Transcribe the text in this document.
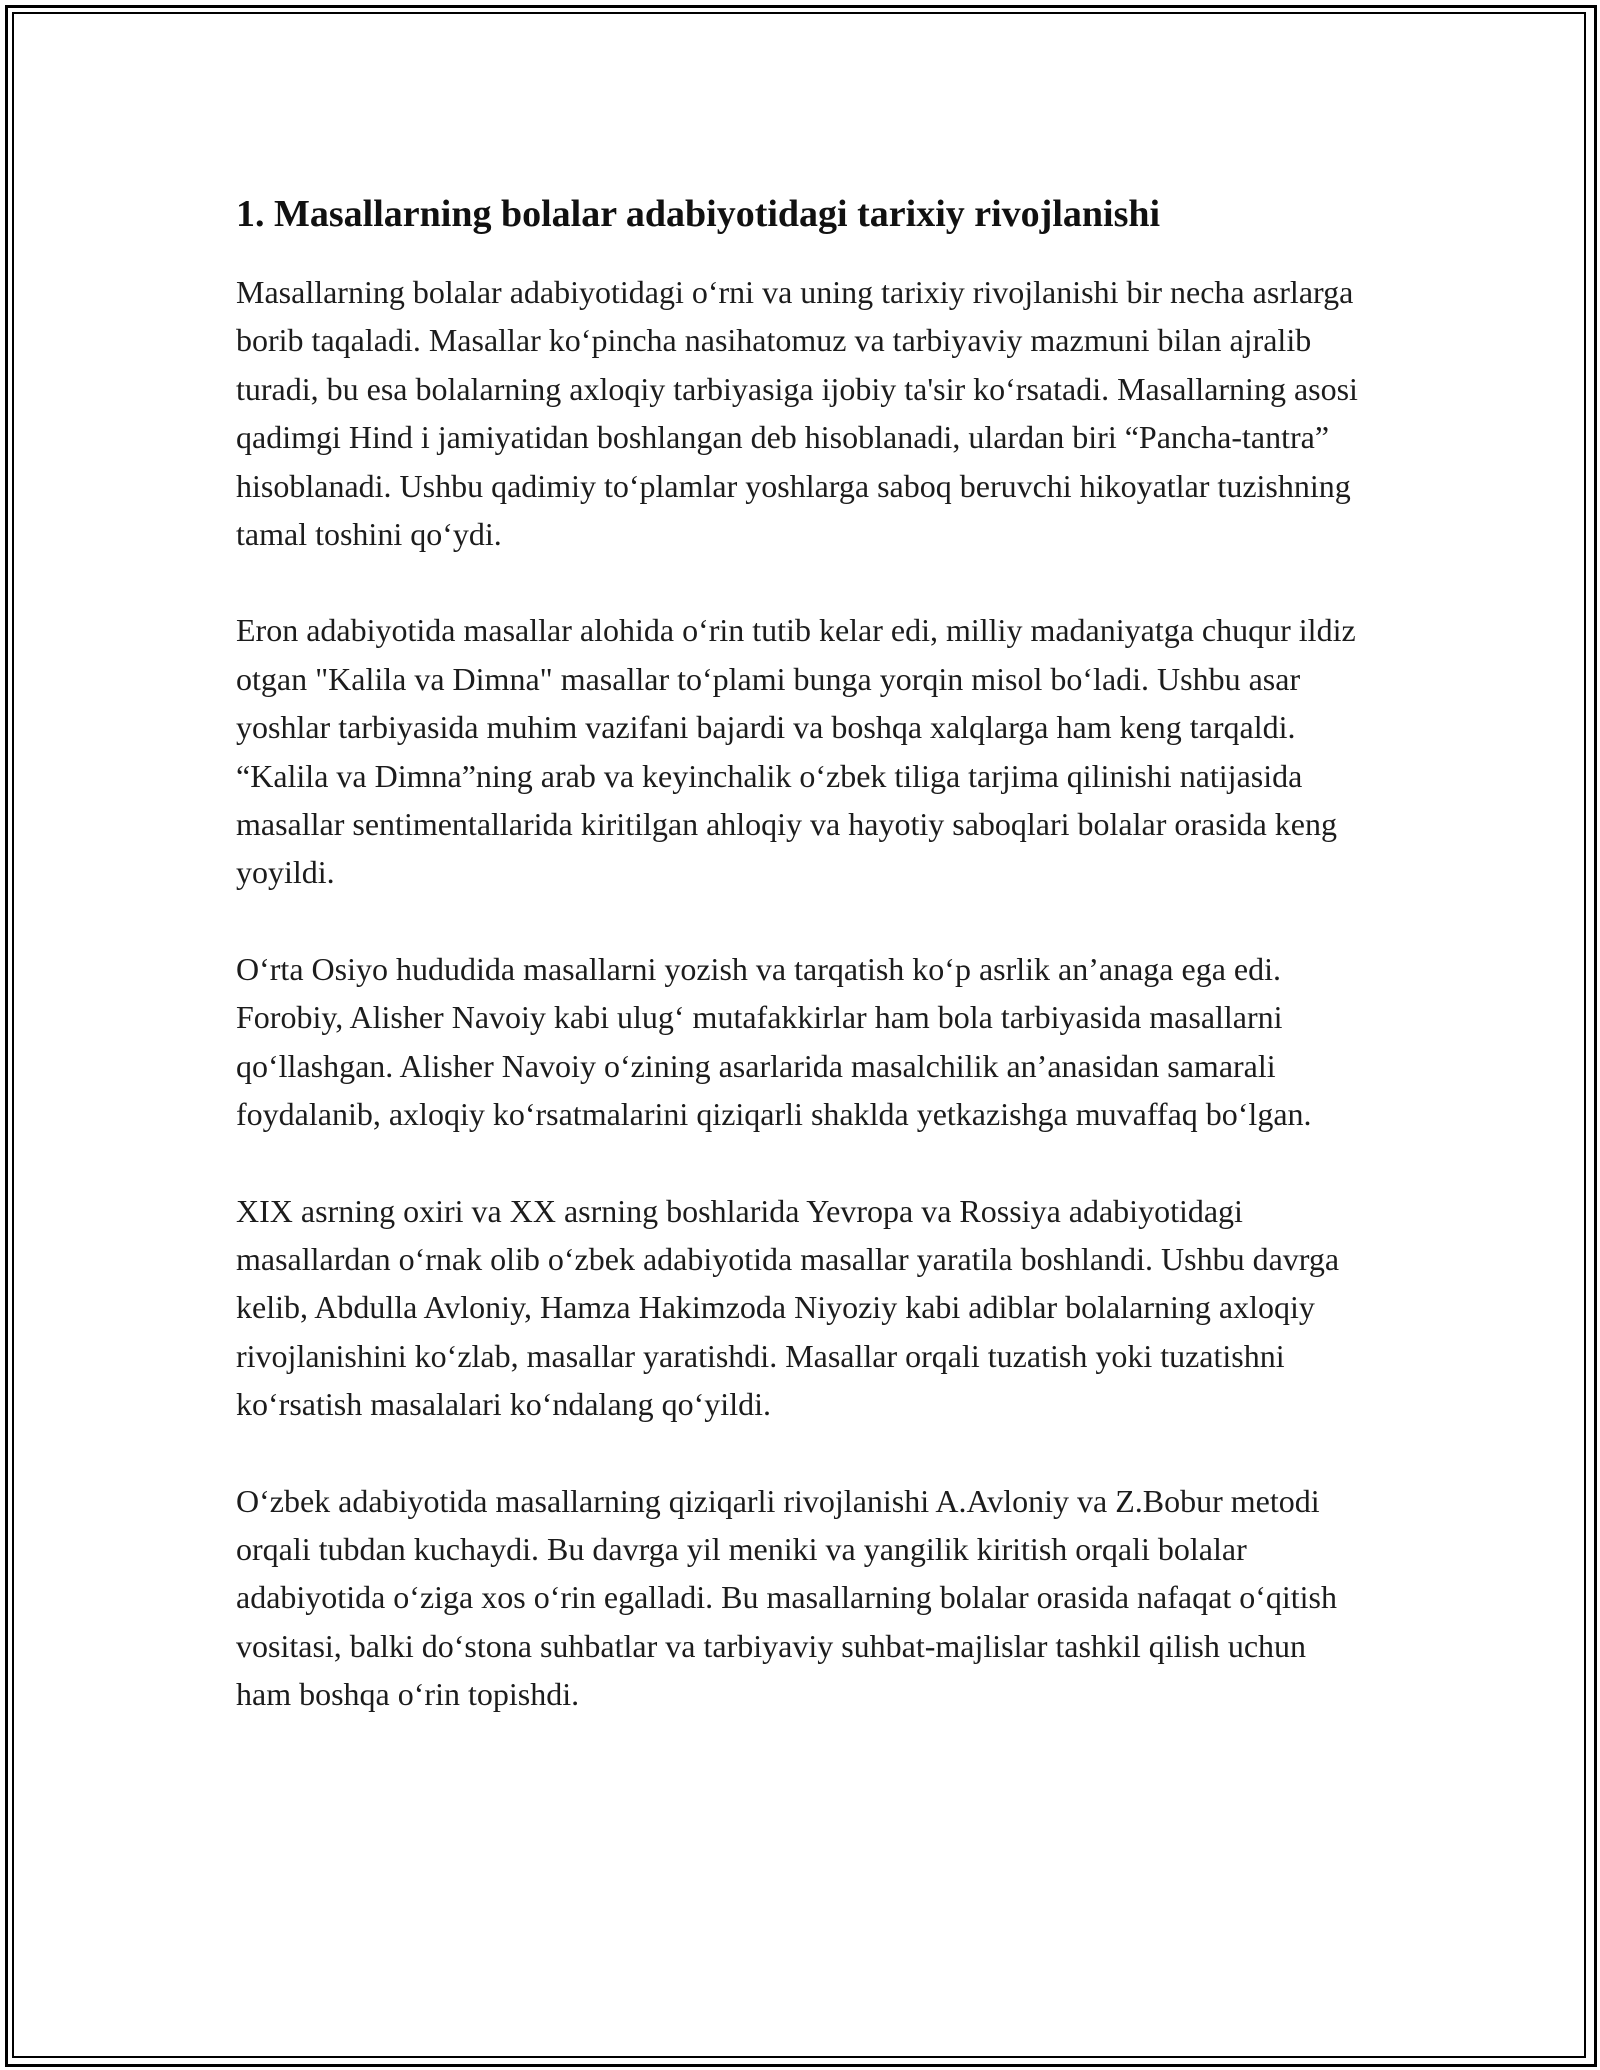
1. Masallarning bolalar adabiyotidagi tarixiy rivojlanishi

Masallarning bolalar adabiyotidagi o‘rni va uning tarixiy rivojlanishi bir necha asrlarga borib taqaladi. Masallar ko‘pincha nasihatomuz va tarbiyaviy mazmuni bilan ajralib turadi, bu esa bolalarning axloqiy tarbiyasiga ijobiy ta'sir ko‘rsatadi. Masallarning asosi qadimgi Hind i jamiyatidan boshlangan deb hisoblanadi, ulardan biri “Pancha-tantra” hisoblanadi. Ushbu qadimiy to‘plamlar yoshlarga saboq beruvchi hikoyatlar tuzishning tamal toshini qo‘ydi.

Eron adabiyotida masallar alohida o‘rin tutib kelar edi, milliy madaniyatga chuqur ildiz otgan "Kalila va Dimna" masallar to‘plami bunga yorqin misol bo‘ladi. Ushbu asar yoshlar tarbiyasida muhim vazifani bajardi va boshqa xalqlarga ham keng tarqaldi. “Kalila va Dimna”ning arab va keyinchalik o‘zbek tiliga tarjima qilinishi natijasida masallar sentimentallarida kiritilgan ahloqiy va hayotiy saboqlari bolalar orasida keng yoyildi.

O‘rta Osiyo hududida masallarni yozish va tarqatish ko‘p asrlik an’anaga ega edi. Forobiy, Alisher Navoiy kabi ulug‘ mutafakkirlar ham bola tarbiyasida masallarni qo‘llashgan. Alisher Navoiy o‘zining asarlarida masalchilik an’anasidan samarali foydalanib, axloqiy ko‘rsatmalarini qiziqarli shaklda yetkazishga muvaffaq bo‘lgan.

XIX asrning oxiri va XX asrning boshlarida Yevropa va Rossiya adabiyotidagi masallardan o‘rnak olib o‘zbek adabiyotida masallar yaratila boshlandi. Ushbu davrga kelib, Abdulla Avloniy, Hamza Hakimzoda Niyoziy kabi adiblar bolalarning axloqiy rivojlanishini ko‘zlab, masallar yaratishdi. Masallar orqali tuzatish yoki tuzatishni ko‘rsatish masalalari ko‘ndalang qo‘yildi.

O‘zbek adabiyotida masallarning qiziqarli rivojlanishi A.Avloniy va Z.Bobur metodi orqali tubdan kuchaydi. Bu davrga yil meniki va yangilik kiritish orqali bolalar adabiyotida o‘ziga xos o‘rin egalladi. Bu masallarning bolalar orasida nafaqat o‘qitish vositasi, balki do‘stona suhbatlar va tarbiyaviy suhbat-majlislar tashkil qilish uchun ham boshqa o‘rin topishdi.
